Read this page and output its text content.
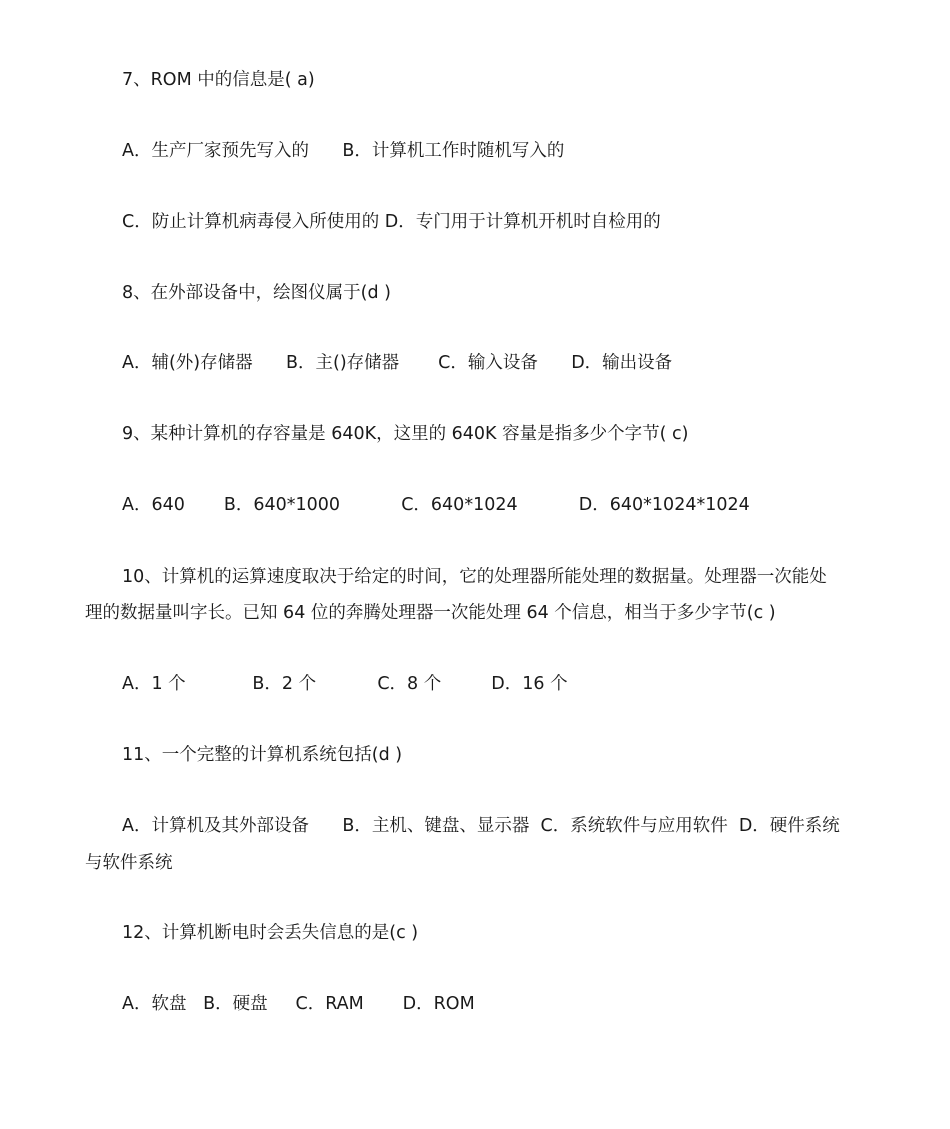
7、ROM 中的信息是( a)
A．生产厂家预先写入的      B．计算机工作时随机写入的
C．防止计算机病毒侵入所使用的 D．专门用于计算机开机时自检用的
8、在外部设备中，绘图仪属于(d )
A．辅(外)存储器      B．主()存储器       C．输入设备      D．输出设备
9、某种计算机的存容量是 640K，这里的 640K 容量是指多少个字节( c)
A．640       B．640*1000           C．640*1024           D．640*1024*1024
10、计算机的运算速度取决于给定的时间，它的处理器所能处理的数据量。处理器一次能处
理的数据量叫字长。已知 64 位的奔腾处理器一次能处理 64 个信息，相当于多少字节(c )
A．1 个            B．2 个           C．8 个         D．16 个
11、一个完整的计算机系统包括(d )
A．计算机及其外部设备      B．主机、键盘、显示器  C．系统软件与应用软件  D．硬件系统
与软件系统
12、计算机断电时会丢失信息的是(c )
A．软盘   B．硬盘     C．RAM       D．ROM
